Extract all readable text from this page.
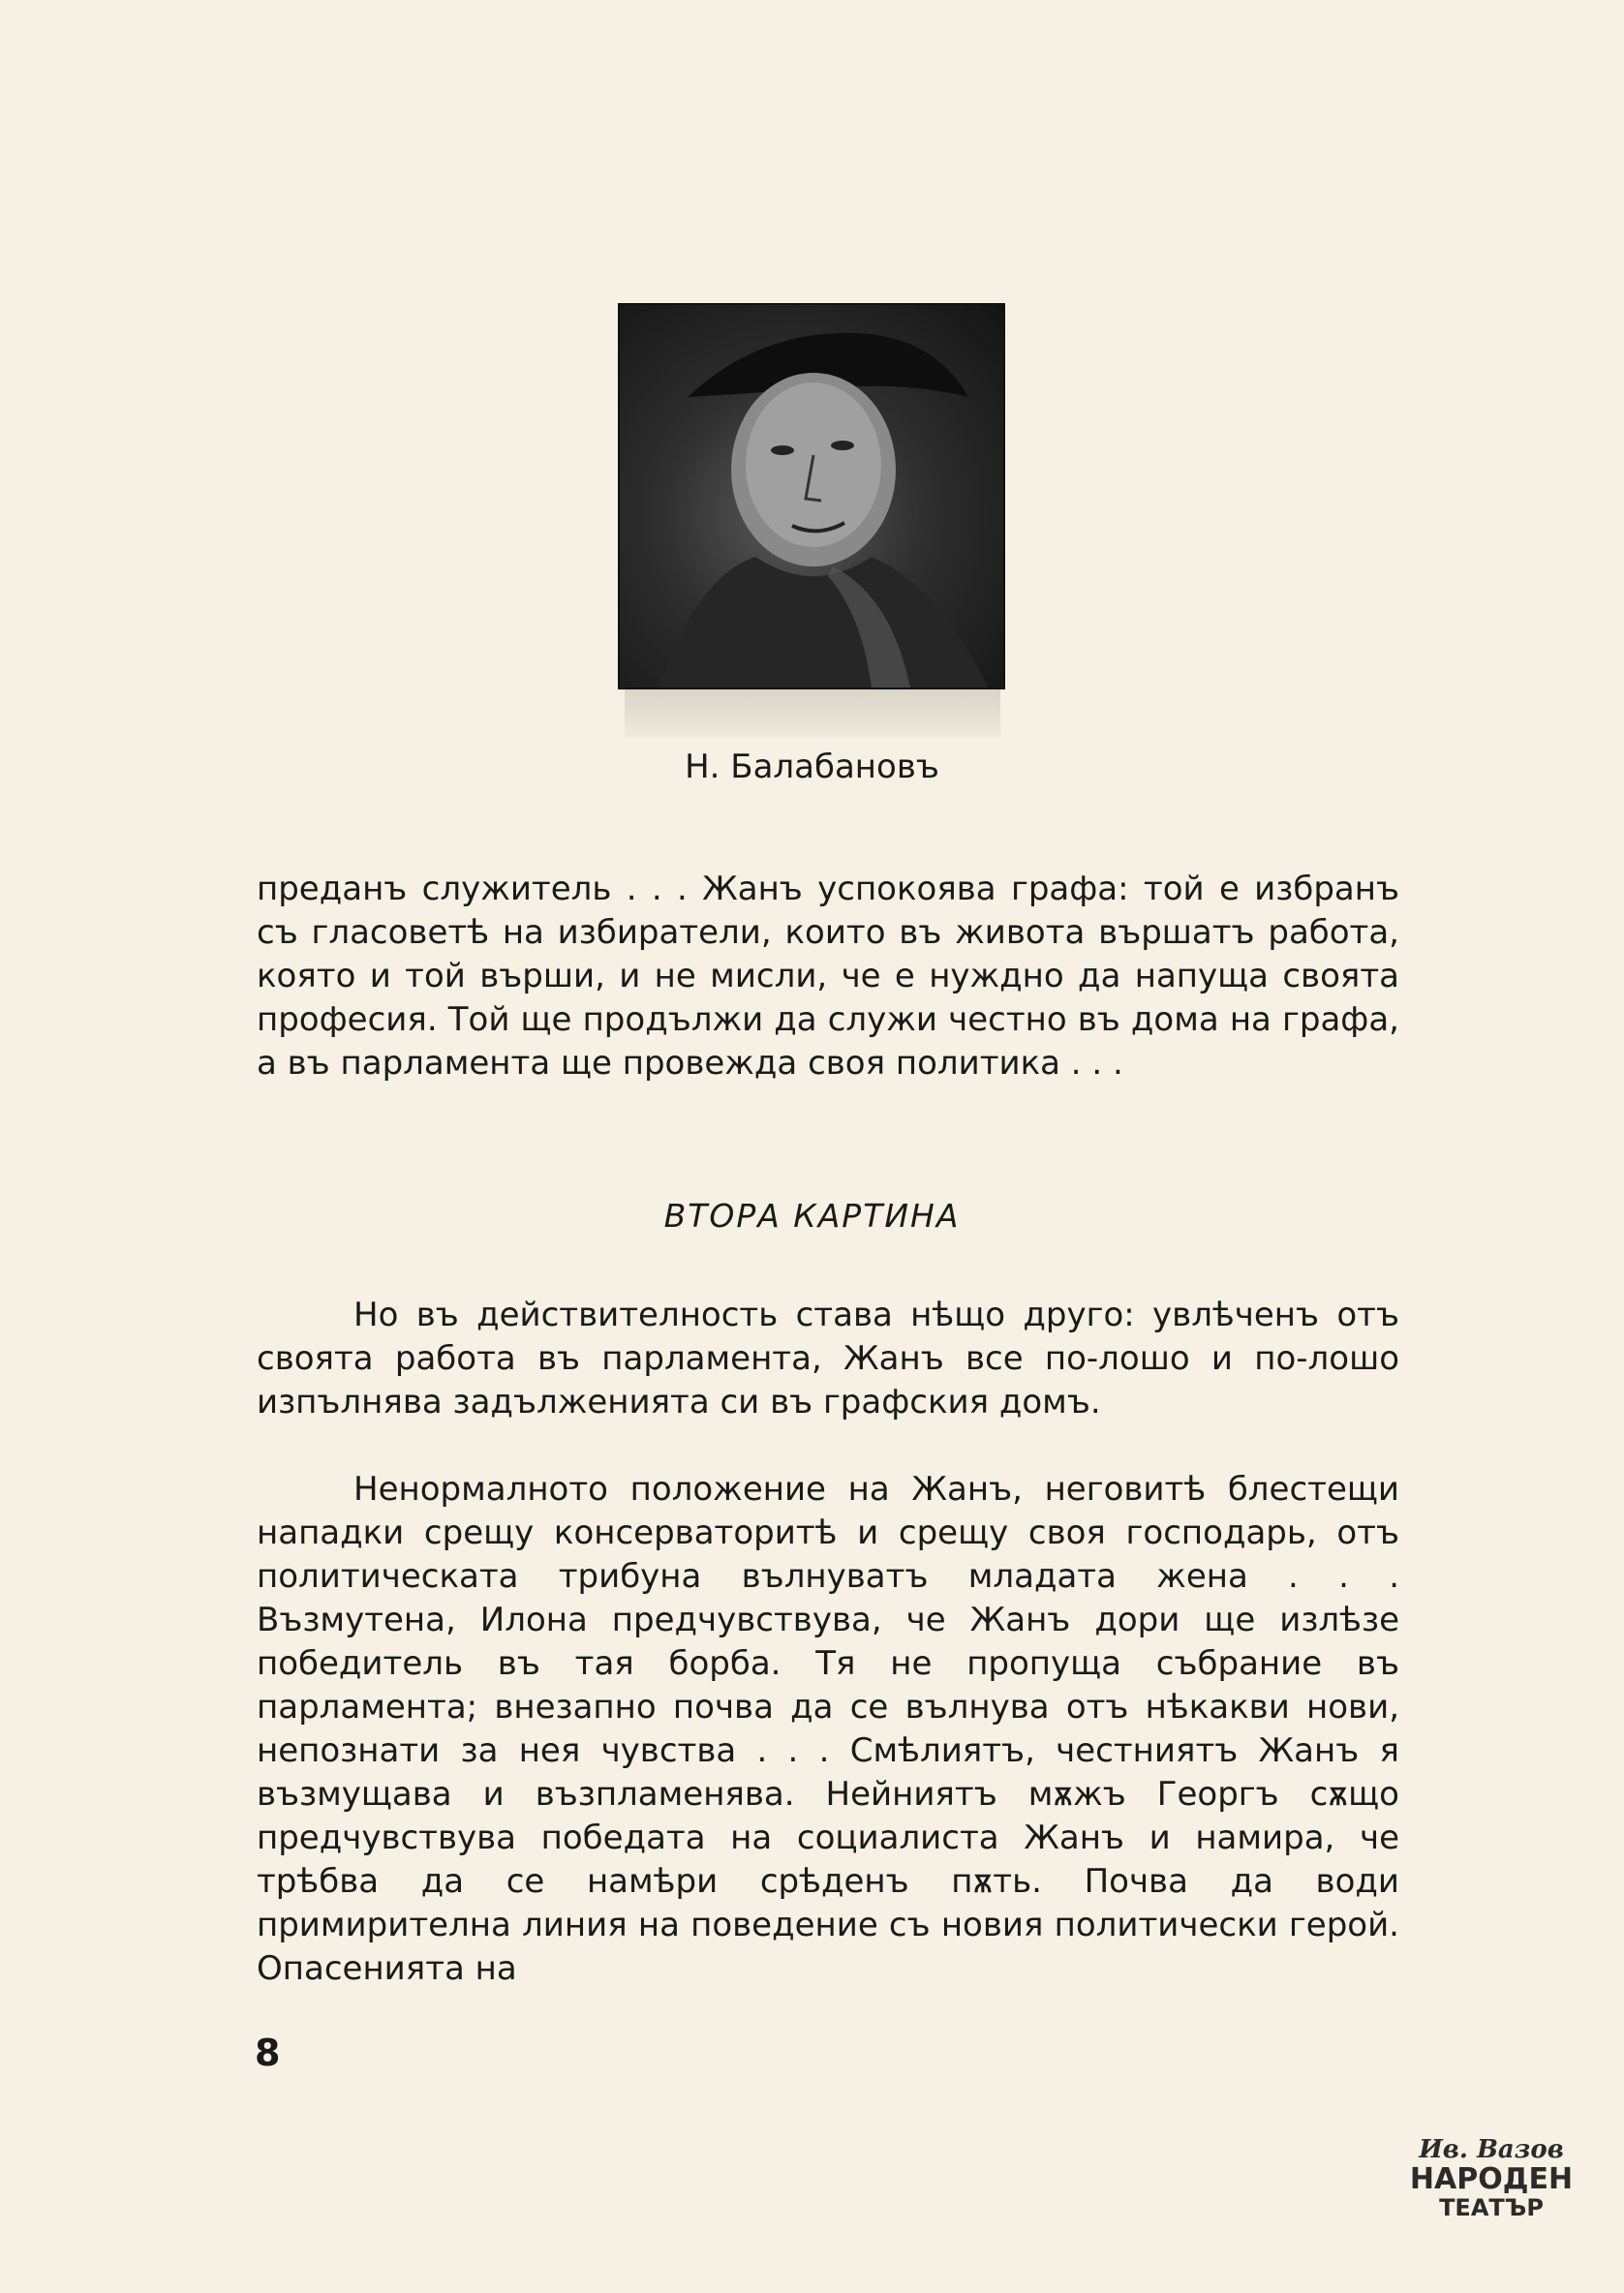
Н. Балабановъ

преданъ служитель . . . Жанъ успокоява графа: той е избранъ съ гласоветѣ на избиратели, които въ живота вършатъ работа, която и той върши, и не мисли, че е нуждно да напуща своята професия. Той ще продължи да служи честно въ дома на графа, а въ парламента ще провежда своя политика . . .

ВТОРА КАРТИНА

Но въ действителность става нѣщо друго: увлѣченъ отъ своята работа въ парламента, Жанъ все по-лошо и по-лошо изпълнява задълженията си въ графския домъ.

Ненормалното положение на Жанъ, неговитѣ блестещи нападки срещу консерваторитѣ и срещу своя господарь, отъ политическата трибуна вълнуватъ младата жена . . . Възмутена, Илона предчувствува, че Жанъ дори ще излѣзе победитель въ тая борба. Тя не пропуща събрание въ парламента; внезапно почва да се вълнува отъ нѣкакви нови, непознати за нея чувства . . . Смѣлиятъ, честниятъ Жанъ я възмущава и възпламенява. Нейниятъ мѫжъ Георгъ сѫщо предчувствува победата на социалиста Жанъ и намира, че трѣбва да се намѣри срѣденъ пѫть. Почва да води примирителна линия на поведение съ новия политически герой. Опасенията на

8
Ив. Вазов
НАРОДЕН
ТЕАТЪР
